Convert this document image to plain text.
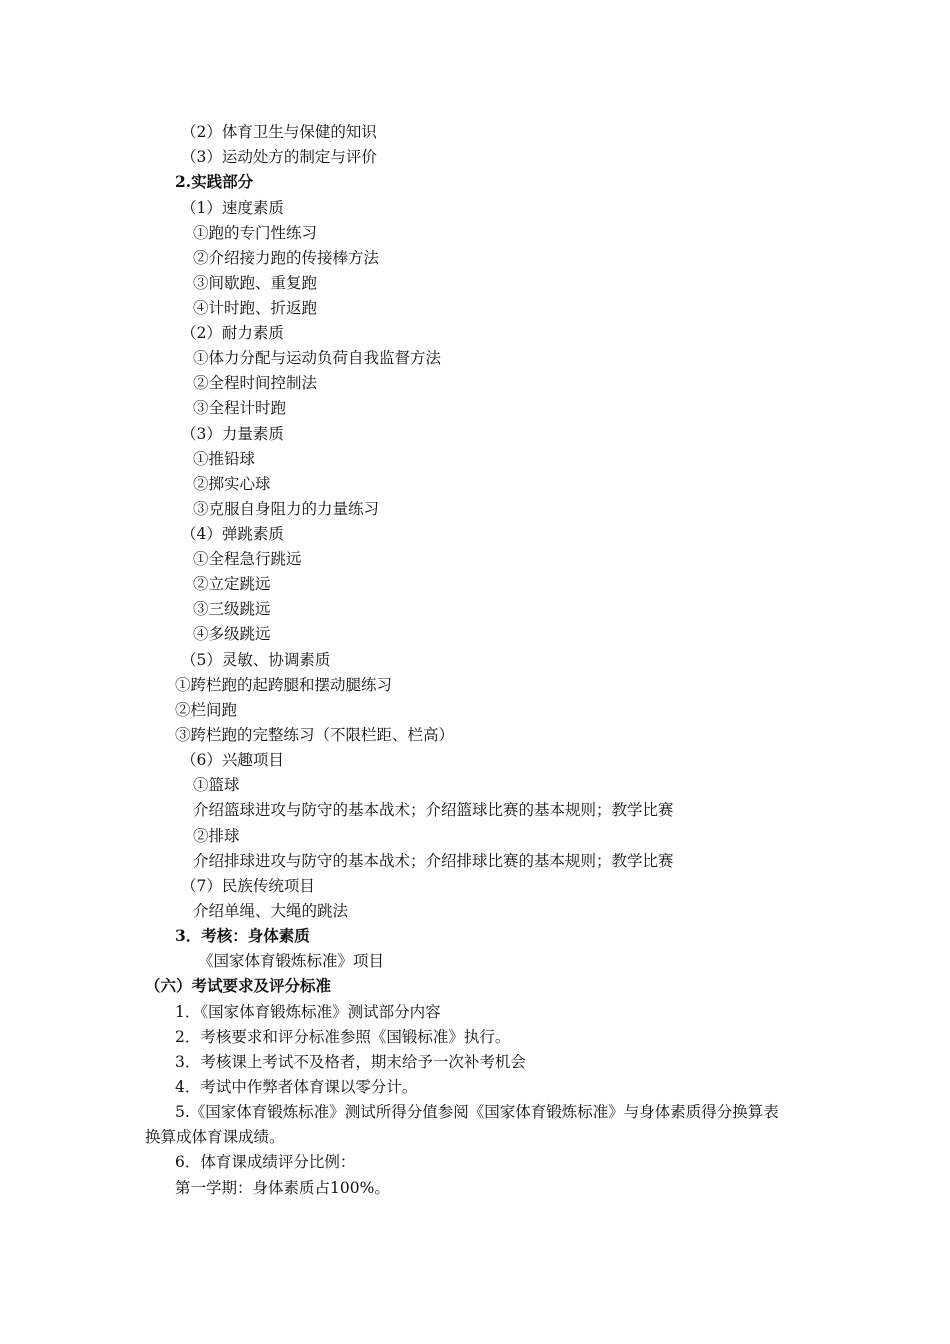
（2）体育卫生与保健的知识
（3）运动处方的制定与评价
2.实践部分
（1）速度素质
①跑的专门性练习
②介绍接力跑的传接棒方法
③间歇跑、重复跑
④计时跑、折返跑
（2）耐力素质
①体力分配与运动负荷自我监督方法
②全程时间控制法
③全程计时跑
（3）力量素质
①推铅球
②掷实心球
③克服自身阻力的力量练习
（4）弹跳素质
①全程急行跳远
②立定跳远
③三级跳远
④多级跳远
（5）灵敏、协调素质
①跨栏跑的起跨腿和摆动腿练习
②栏间跑
③跨栏跑的完整练习（不限栏距、栏高）
（6）兴趣项目
①篮球
介绍篮球进攻与防守的基本战术；介绍篮球比赛的基本规则；教学比赛
②排球
介绍排球进攻与防守的基本战术；介绍排球比赛的基本规则；教学比赛
（7）民族传统项目
介绍单绳、大绳的跳法
3．考核：身体素质
《国家体育锻炼标准》项目
（六）考试要求及评分标准
1．《国家体育锻炼标准》测试部分内容
2．考核要求和评分标准参照《国锻标准》执行。
3．考核课上考试不及格者，期末给予一次补考机会
4．考试中作弊者体育课以零分计。
5.《国家体育锻炼标准》测试所得分值参阅《国家体育锻炼标准》与身体素质得分换算表
换算成体育课成绩。
6．体育课成绩评分比例：
第一学期：身体素质占100%。
